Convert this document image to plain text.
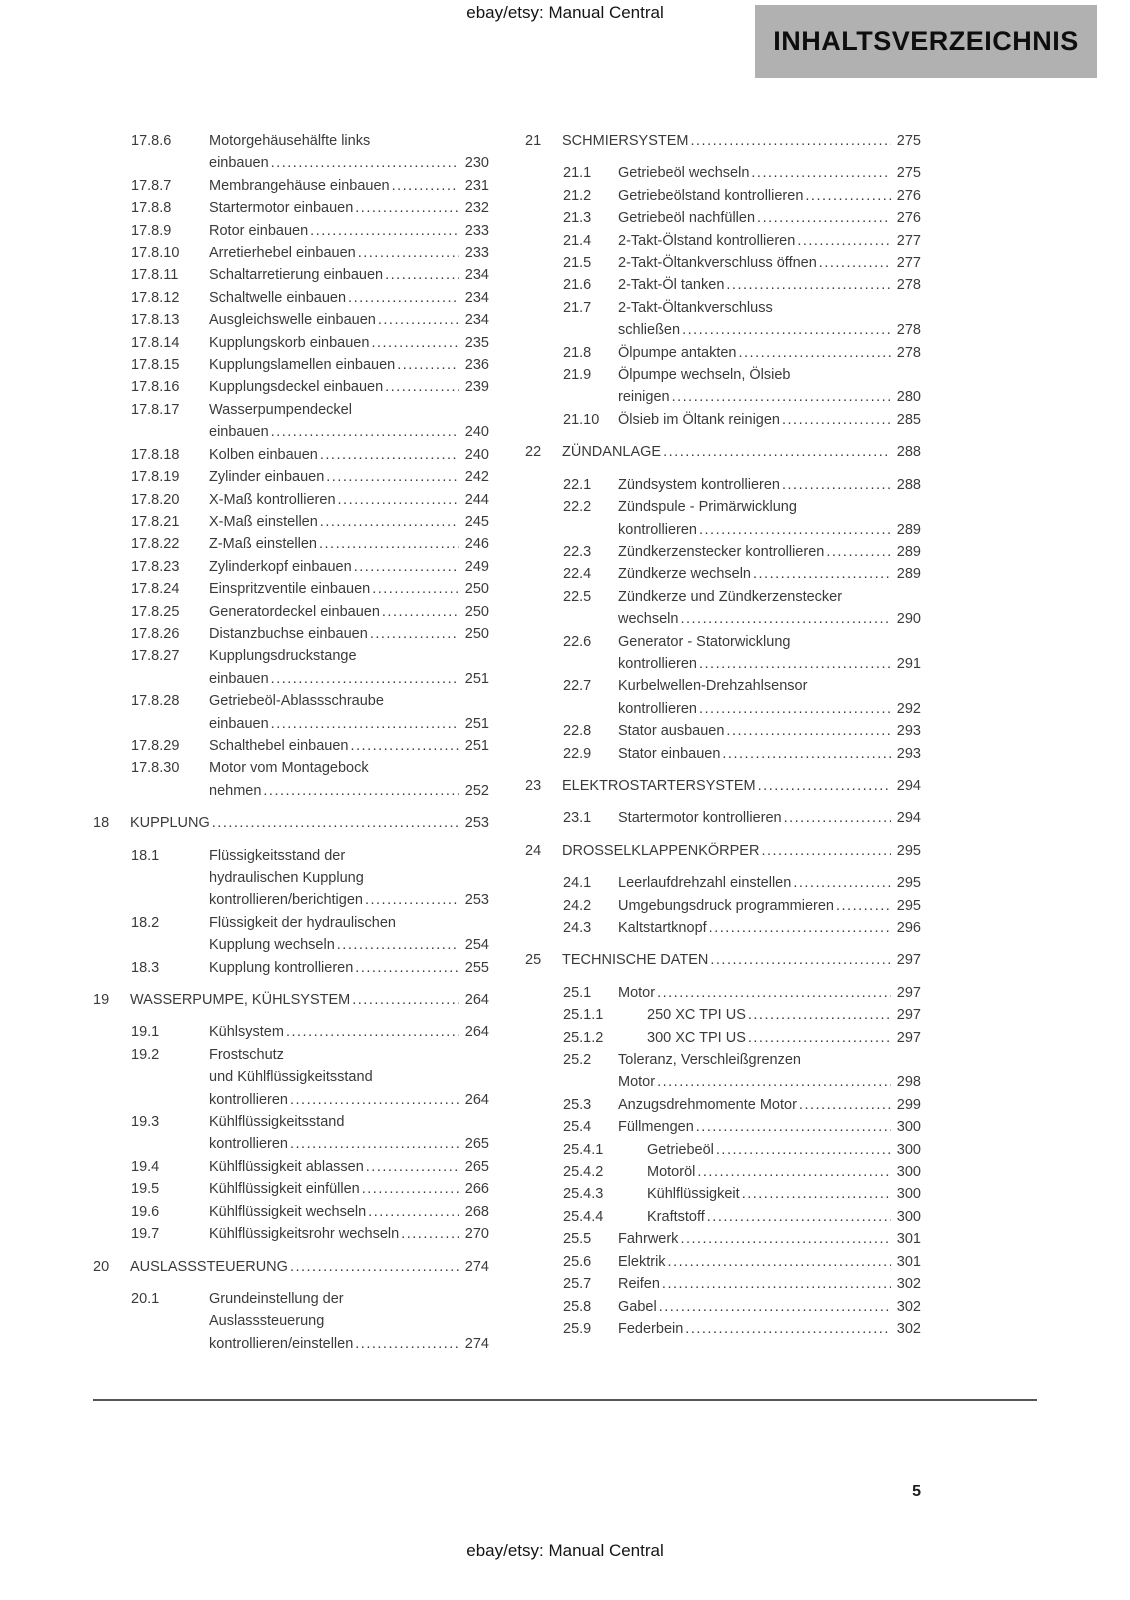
ebay/etsy: Manual Central
INHALTSVERZEICHNIS
17.8.6	Motorgehäusehälfte links
einbauen .....	230
17.8.7	Membrangehäuse einbauen .....	231
17.8.8	Startermotor einbauen .....	232
17.8.9	Rotor einbauen .....	233
17.8.10	Arretierhebel einbauen .....	233
17.8.11	Schaltarretierung einbauen .....	234
17.8.12	Schaltwelle einbauen .....	234
17.8.13	Ausgleichswelle einbauen .....	234
17.8.14	Kupplungskorb einbauen .....	235
17.8.15	Kupplungslamellen einbauen .....	236
17.8.16	Kupplungsdeckel einbauen .....	239
17.8.17	Wasserpumpendeckel
einbauen .....	240
17.8.18	Kolben einbauen .....	240
17.8.19	Zylinder einbauen .....	242
17.8.20	X-Maß kontrollieren .....	244
17.8.21	X-Maß einstellen .....	245
17.8.22	Z-Maß einstellen .....	246
17.8.23	Zylinderkopf einbauen .....	249
17.8.24	Einspritzventile einbauen .....	250
17.8.25	Generatordeckel einbauen .....	250
17.8.26	Distanzbuchse einbauen .....	250
17.8.27	Kupplungsdruckstange
einbauen .....	251
17.8.28	Getriebeöl-Ablassschraube
einbauen .....	251
17.8.29	Schalthebel einbauen .....	251
17.8.30	Motor vom Montagebock
nehmen .....	252
18	KUPPLUNG .....	253
18.1	Flüssigkeitsstand der
hydraulischen Kupplung
kontrollieren/berichtigen .....	253
18.2	Flüssigkeit der hydraulischen
Kupplung wechseln .....	254
18.3	Kupplung kontrollieren .....	255
19	WASSERPUMPE, KÜHLSYSTEM .....	264
19.1	Kühlsystem .....	264
19.2	Frostschutz
und Kühlflüssigkeitsstand
kontrollieren .....	264
19.3	Kühlflüssigkeitsstand
kontrollieren .....	265
19.4	Kühlflüssigkeit ablassen .....	265
19.5	Kühlflüssigkeit einfüllen .....	266
19.6	Kühlflüssigkeit wechseln .....	268
19.7	Kühlflüssigkeitsrohr wechseln .....	270
20	AUSLASSSTEUERUNG .....	274
20.1	Grundeinstellung der
Auslasssteuerung
kontrollieren/einstellen .....	274
21	SCHMIERSYSTEM .....	275
21.1	Getriebeöl wechseln .....	275
21.2	Getriebeölstand kontrollieren .....	276
21.3	Getriebeöl nachfüllen .....	276
21.4	2-Takt-Ölstand kontrollieren .....	277
21.5	2-Takt-Öltankverschluss öffnen .....	277
21.6	2-Takt-Öl tanken .....	278
21.7	2-Takt-Öltankverschluss
schließen .....	278
21.8	Ölpumpe antakten .....	278
21.9	Ölpumpe wechseln, Ölsieb
reinigen .....	280
21.10	Ölsieb im Öltank reinigen .....	285
22	ZÜNDANLAGE .....	288
22.1	Zündsystem kontrollieren .....	288
22.2	Zündspule - Primärwicklung
kontrollieren .....	289
22.3	Zündkerzenstecker kontrollieren .....	289
22.4	Zündkerze wechseln .....	289
22.5	Zündkerze und Zündkerzenstecker
wechseln .....	290
22.6	Generator - Statorwicklung
kontrollieren .....	291
22.7	Kurbelwellen-Drehzahlsensor
kontrollieren .....	292
22.8	Stator ausbauen .....	293
22.9	Stator einbauen .....	293
23	ELEKTROSTARTERSYSTEM .....	294
23.1	Startermotor kontrollieren .....	294
24	DROSSELKLAPPENKÖRPER .....	295
24.1	Leerlaufdrehzahl einstellen .....	295
24.2	Umgebungsdruck programmieren .....	295
24.3	Kaltstartknopf .....	296
25	TECHNISCHE DATEN .....	297
25.1	Motor .....	297
25.1.1	250 XC TPI US .....	297
25.1.2	300 XC TPI US .....	297
25.2	Toleranz, Verschleißgrenzen
Motor .....	298
25.3	Anzugsdrehmomente Motor .....	299
25.4	Füllmengen .....	300
25.4.1	Getriebeöl .....	300
25.4.2	Motoröl .....	300
25.4.3	Kühlflüssigkeit .....	300
25.4.4	Kraftstoff .....	300
25.5	Fahrwerk .....	301
25.6	Elektrik .....	301
25.7	Reifen .....	302
25.8	Gabel .....	302
25.9	Federbein .....	302
5
ebay/etsy: Manual Central
